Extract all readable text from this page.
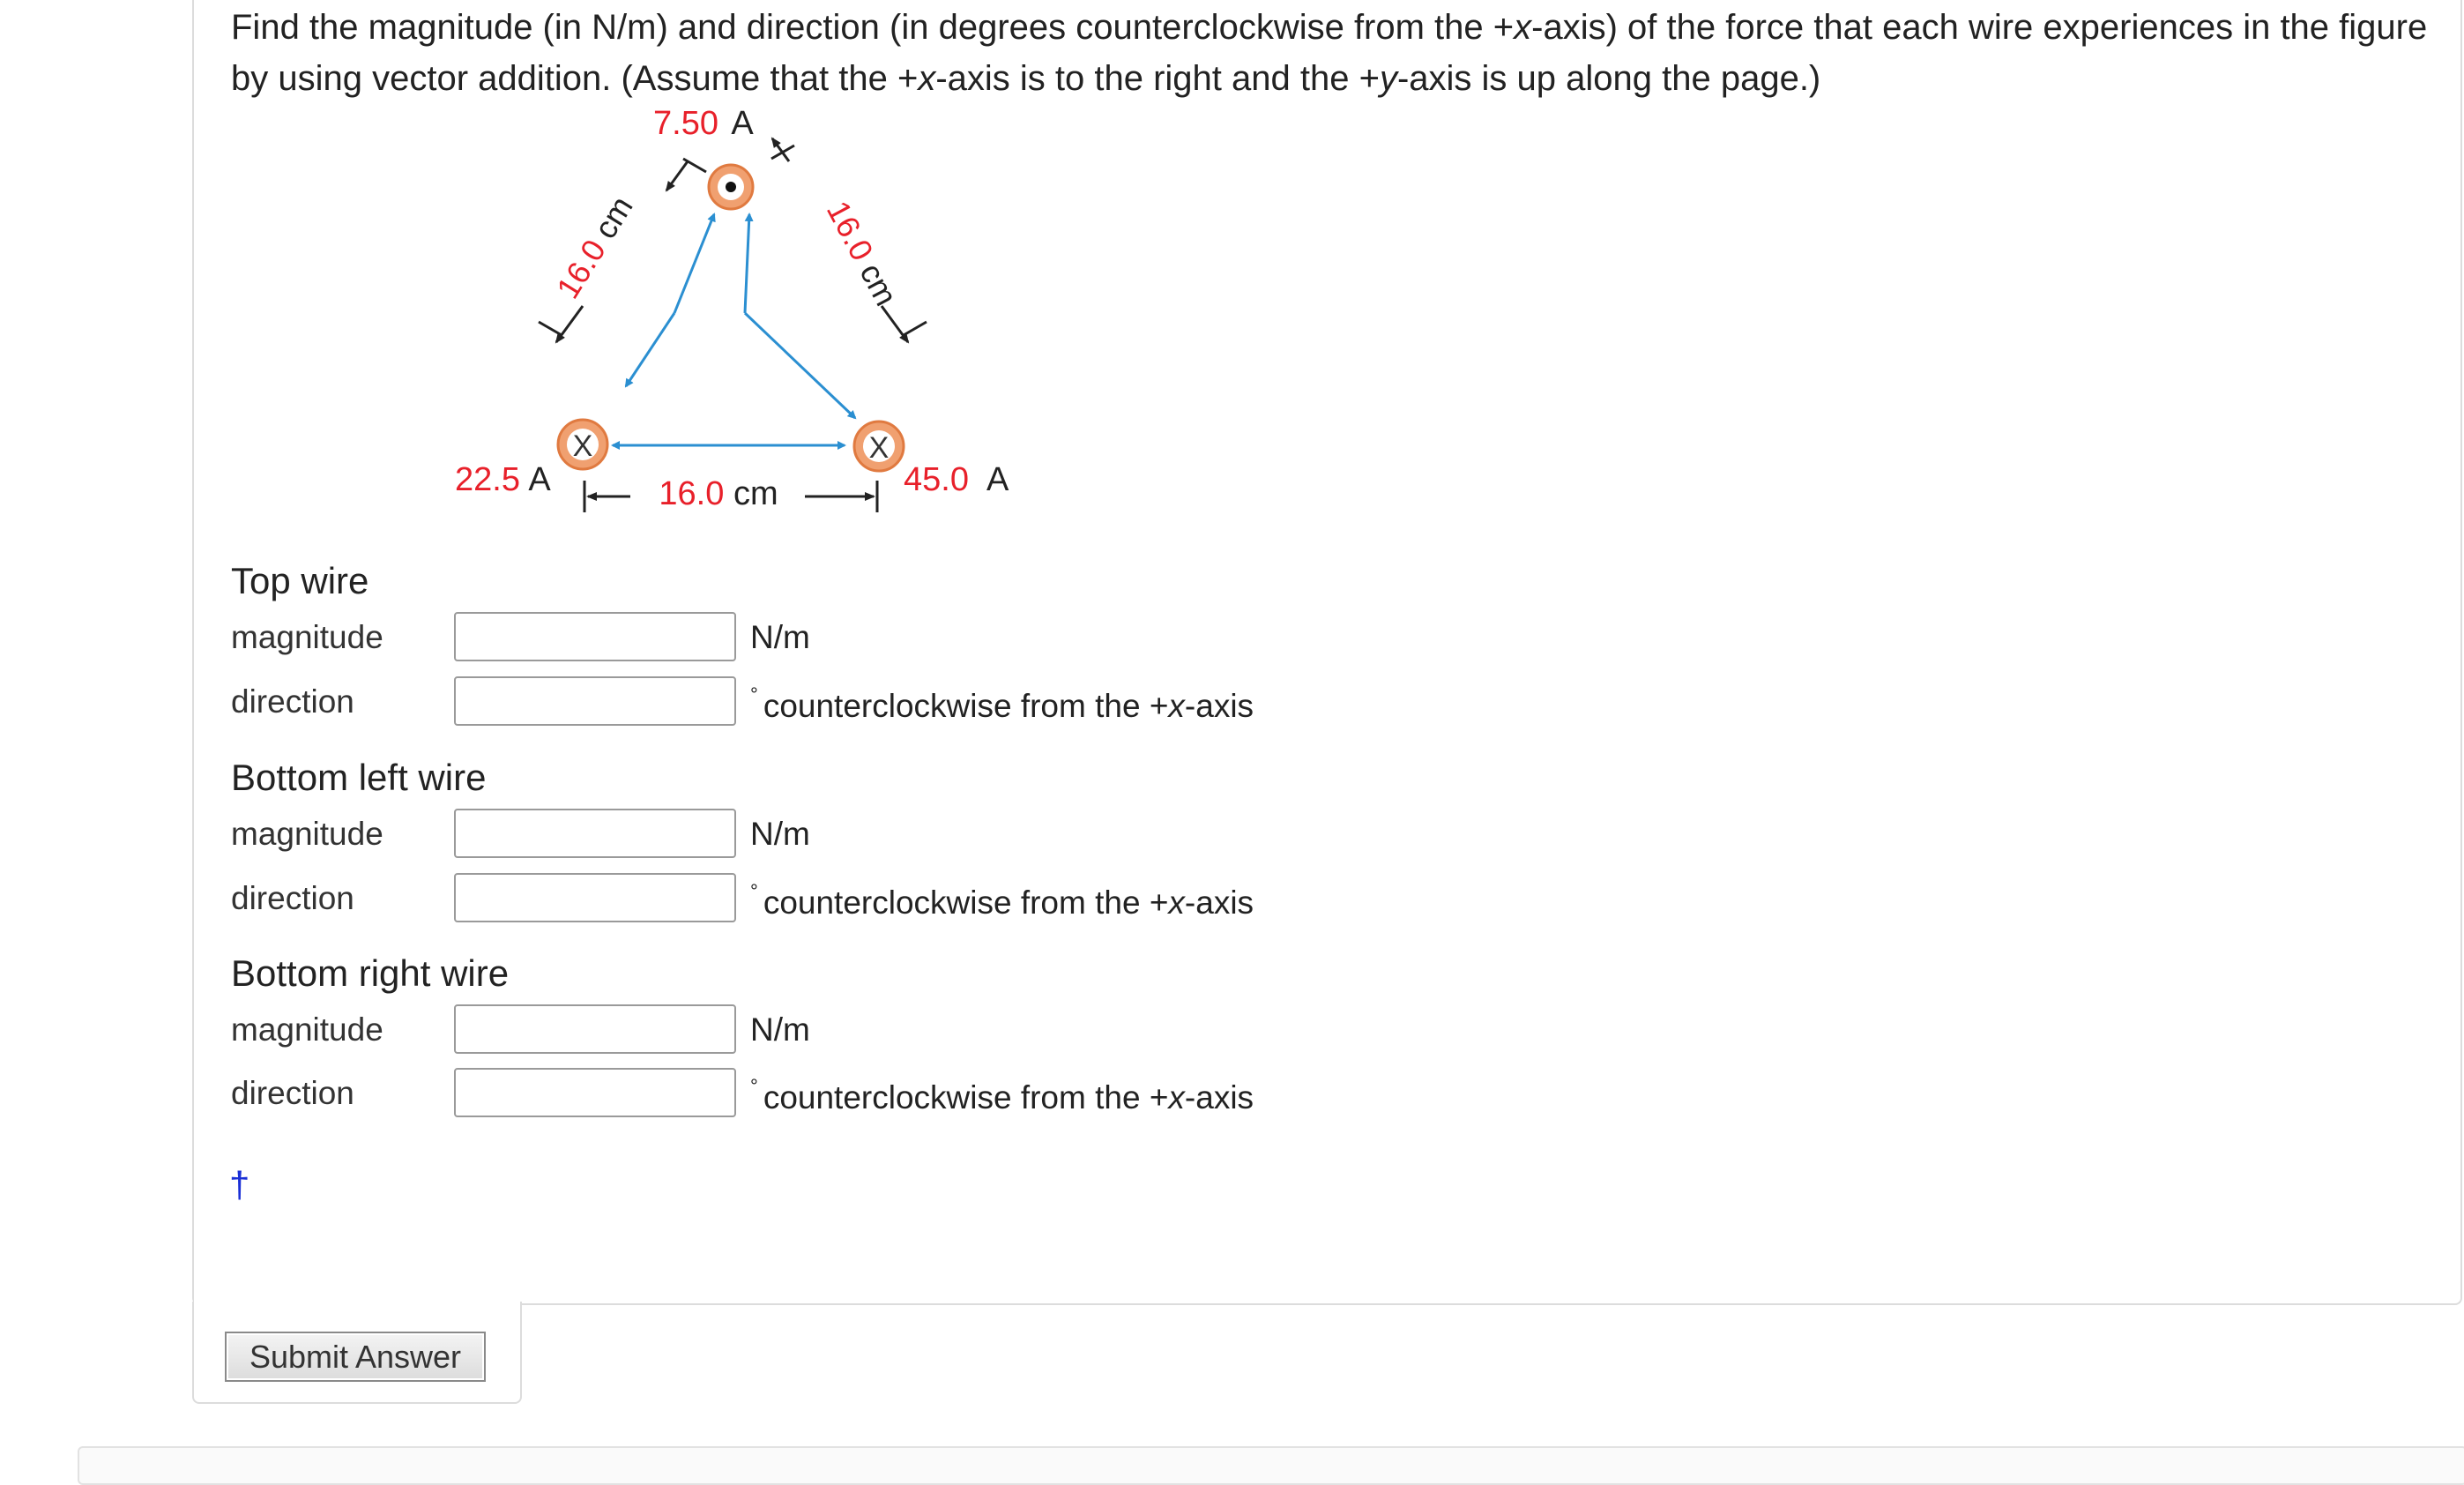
Find the magnitude (in N/m) and direction (in degrees counterclockwise from the +x-axis) of the force that each wire experiences in the figure by using vector addition. (Assume that the +x-axis is to the right and the +y-axis is up along the page.)
7.50 A
16.0 cm	16.0 cm
X	X
22.5 A	45.0 A
16.0 cm
Top wire
magnitude	N/m
direction	° counterclockwise from the +x-axis
Bottom left wire
magnitude	N/m
direction	° counterclockwise from the +x-axis
Bottom right wire
magnitude	N/m
direction	° counterclockwise from the +x-axis
†
Submit Answer
